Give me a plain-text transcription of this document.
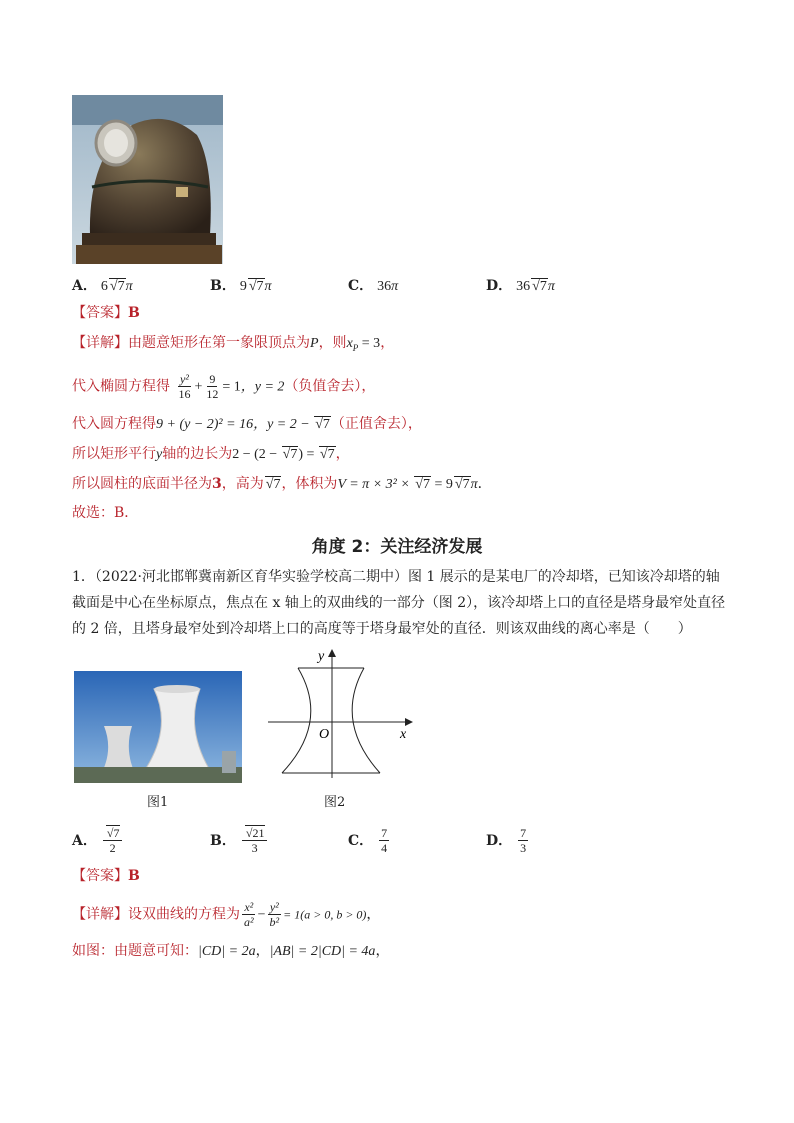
A． 6 √7π	B． 9 √7π	C． 36π	D． 36 √7π
【答案】B
【详解】由题意矩形在第一象限顶点为P，则$x_P = 3$，
代入椭圆方程得 $\frac{\text{y²}}{16} + \frac{9}{12} = 1$，y = 2（负值舍去），
代入圆方程得9 + (y − 2)² = 16，y = 2 − √7（正值舍去），
所以矩形平行y轴的边长为2 − (2 − √7) = √7，
所以圆柱的底面半径为3，高为 √7，体积为V = π × 3² × √7 = 9 √7π．
故选：B．
角度 2：关注经济发展
1．（2022·河北邯郸冀南新区育华实验学校高二期中）图 1 展示的是某电厂的冷却塔，已知该冷却塔的轴截面是中心在坐标原点，焦点在 x 轴上的双曲线的一部分（图 2），该冷却塔上口的直径是塔身最窄处直径的 2 倍，且塔身最窄处到冷却塔上口的高度等于塔身最窄处的直径．则该双曲线的离心率是（　　）
x
y
O
图1	图2
A． $\frac{√7}{2}$	B． $\frac{√21}{3}$	C． $\frac{7}{4}$	D． $\frac{7}{3}$
【答案】B
【详解】设双曲线的方程为 $\frac{\text{x²}}{\text{a²}} - \frac{\text{y²}}{\text{b²}} = 1(a > 0$, b > 0)，
如图：由题意可知：|CD| = 2a，|AB| = 2|CD| = 4a，
